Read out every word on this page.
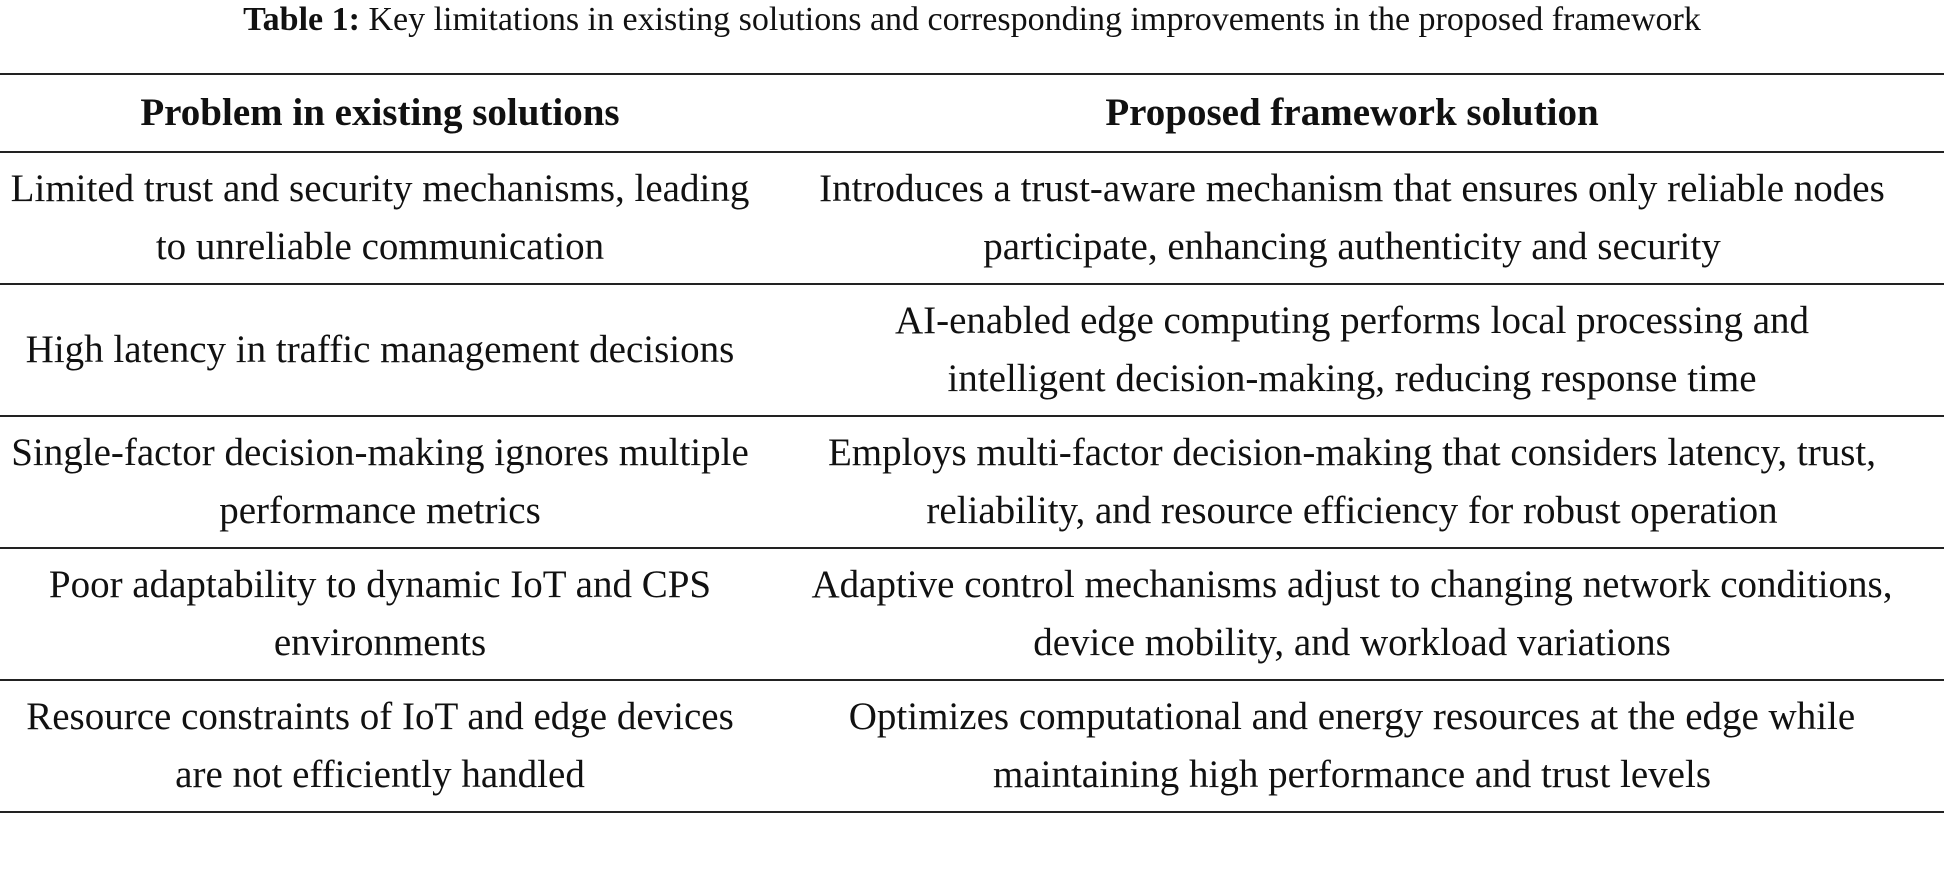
Table 1: Key limitations in existing solutions and corresponding improvements in the proposed framework
Problem in existing solutions	Proposed framework solution
Limited trust and security mechanisms, leading to unreliable communication	Introduces a trust-aware mechanism that ensures only reliable nodes participate, enhancing authenticity and security
High latency in traffic management decisions	AI-enabled edge computing performs local processing and intelligent decision-making, reducing response time
Single-factor decision-making ignores multiple performance metrics	Employs multi-factor decision-making that considers latency, trust, reliability, and resource efficiency for robust operation
Poor adaptability to dynamic IoT and CPS environments	Adaptive control mechanisms adjust to changing network conditions, device mobility, and workload variations
Resource constraints of IoT and edge devices are not efficiently handled	Optimizes computational and energy resources at the edge while maintaining high performance and trust levels
